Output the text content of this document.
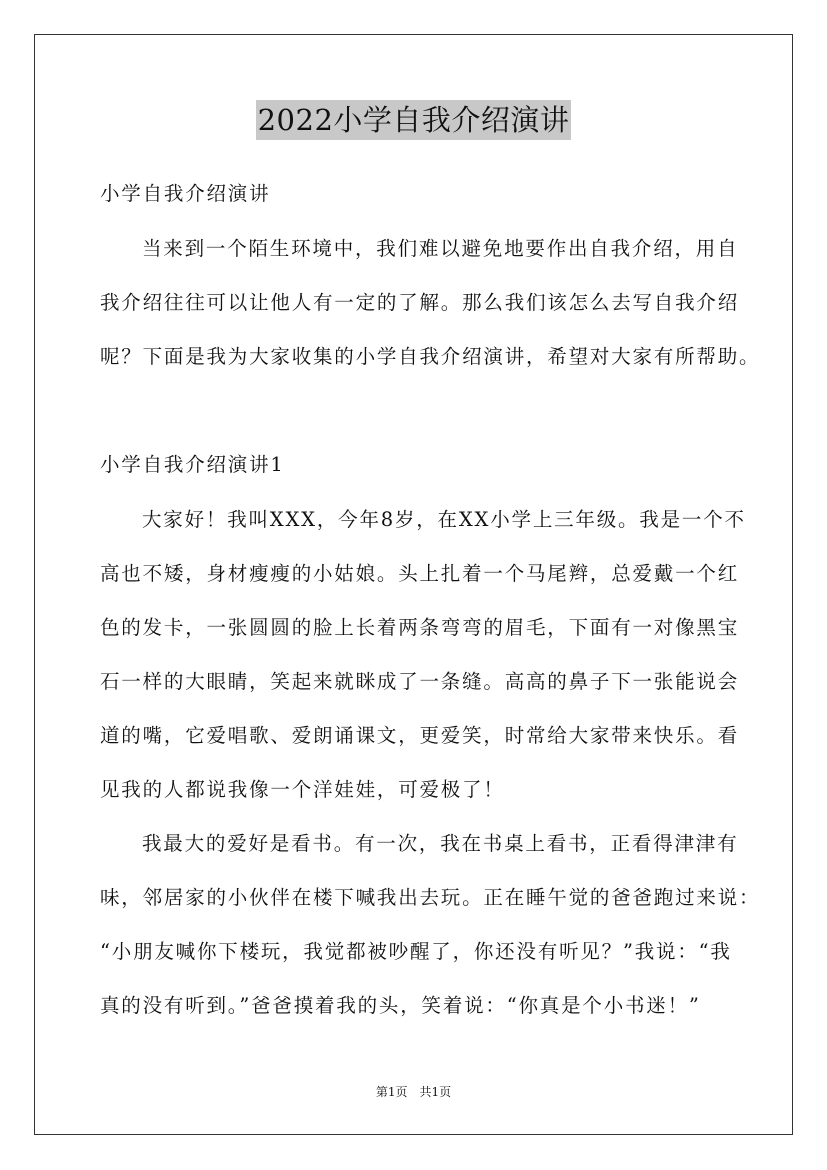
2022小学自我介绍演讲
小学自我介绍演讲
当来到一个陌生环境中，我们难以避免地要作出自我介绍，用自
我介绍往往可以让他人有一定的了解。那么我们该怎么去写自我介绍
呢？下面是我为大家收集的小学自我介绍演讲，希望对大家有所帮助。
小学自我介绍演讲1
大家好！我叫XXX，今年8岁，在XX小学上三年级。我是一个不
高也不矮，身材瘦瘦的小姑娘。头上扎着一个马尾辫，总爱戴一个红
色的发卡，一张圆圆的脸上长着两条弯弯的眉毛，下面有一对像黑宝
石一样的大眼睛，笑起来就眯成了一条缝。高高的鼻子下一张能说会
道的嘴，它爱唱歌、爱朗诵课文，更爱笑，时常给大家带来快乐。看
见我的人都说我像一个洋娃娃，可爱极了！
我最大的爱好是看书。有一次，我在书桌上看书，正看得津津有
味，邻居家的小伙伴在楼下喊我出去玩。正在睡午觉的爸爸跑过来说：
“小朋友喊你下楼玩，我觉都被吵醒了，你还没有听见？”我说：“我
真的没有听到。”爸爸摸着我的头，笑着说：“你真是个小书迷！”
第1页　共1页
